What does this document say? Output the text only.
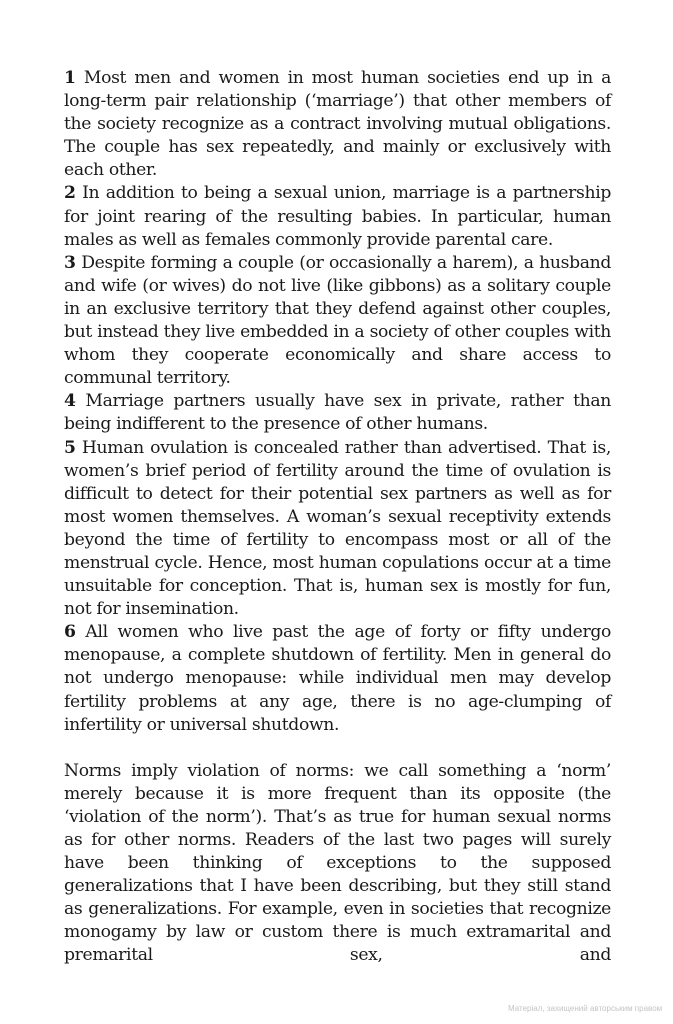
1 Most men and women in most human societies end up in a long-term pair relationship (‘marriage’) that other members of the society recognize as a contract involving mutual obligations. The couple has sex repeatedly, and mainly or exclusively with each other.

2 In addition to being a sexual union, marriage is a partnership for joint rearing of the resulting babies. In particular, human males as well as females commonly provide parental care.

3 Despite forming a couple (or occasionally a harem), a husband and wife (or wives) do not live (like gibbons) as a solitary couple in an exclusive territory that they defend against other couples, but instead they live embedded in a society of other couples with whom they cooperate economically and share access to communal territory.

4 Marriage partners usually have sex in private, rather than being indifferent to the presence of other humans.

5 Human ovulation is concealed rather than advertised. That is, women’s brief period of fertility around the time of ovulation is difficult to detect for their potential sex partners as well as for most women themselves. A woman’s sexual receptivity extends beyond the time of fertility to encompass most or all of the menstrual cycle. Hence, most human copulations occur at a time unsuitable for conception. That is, human sex is mostly for fun, not for insemination.

6 All women who live past the age of forty or fifty undergo menopause, a complete shutdown of fertility. Men in general do not undergo menopause: while individual men may develop fertility problems at any age, there is no age-clumping of infertility or universal shutdown.

Norms imply violation of norms: we call something a ‘norm’ merely because it is more frequent than its opposite (the ‘violation of the norm’). That’s as true for human sexual norms as for other norms. Readers of the last two pages will surely have been thinking of exceptions to the supposed generalizations that I have been describing, but they still stand as generalizations. For example, even in societies that recognize monogamy by law or custom there is much extramarital and premarital sex, and

Матеріал, захищений авторським правом
